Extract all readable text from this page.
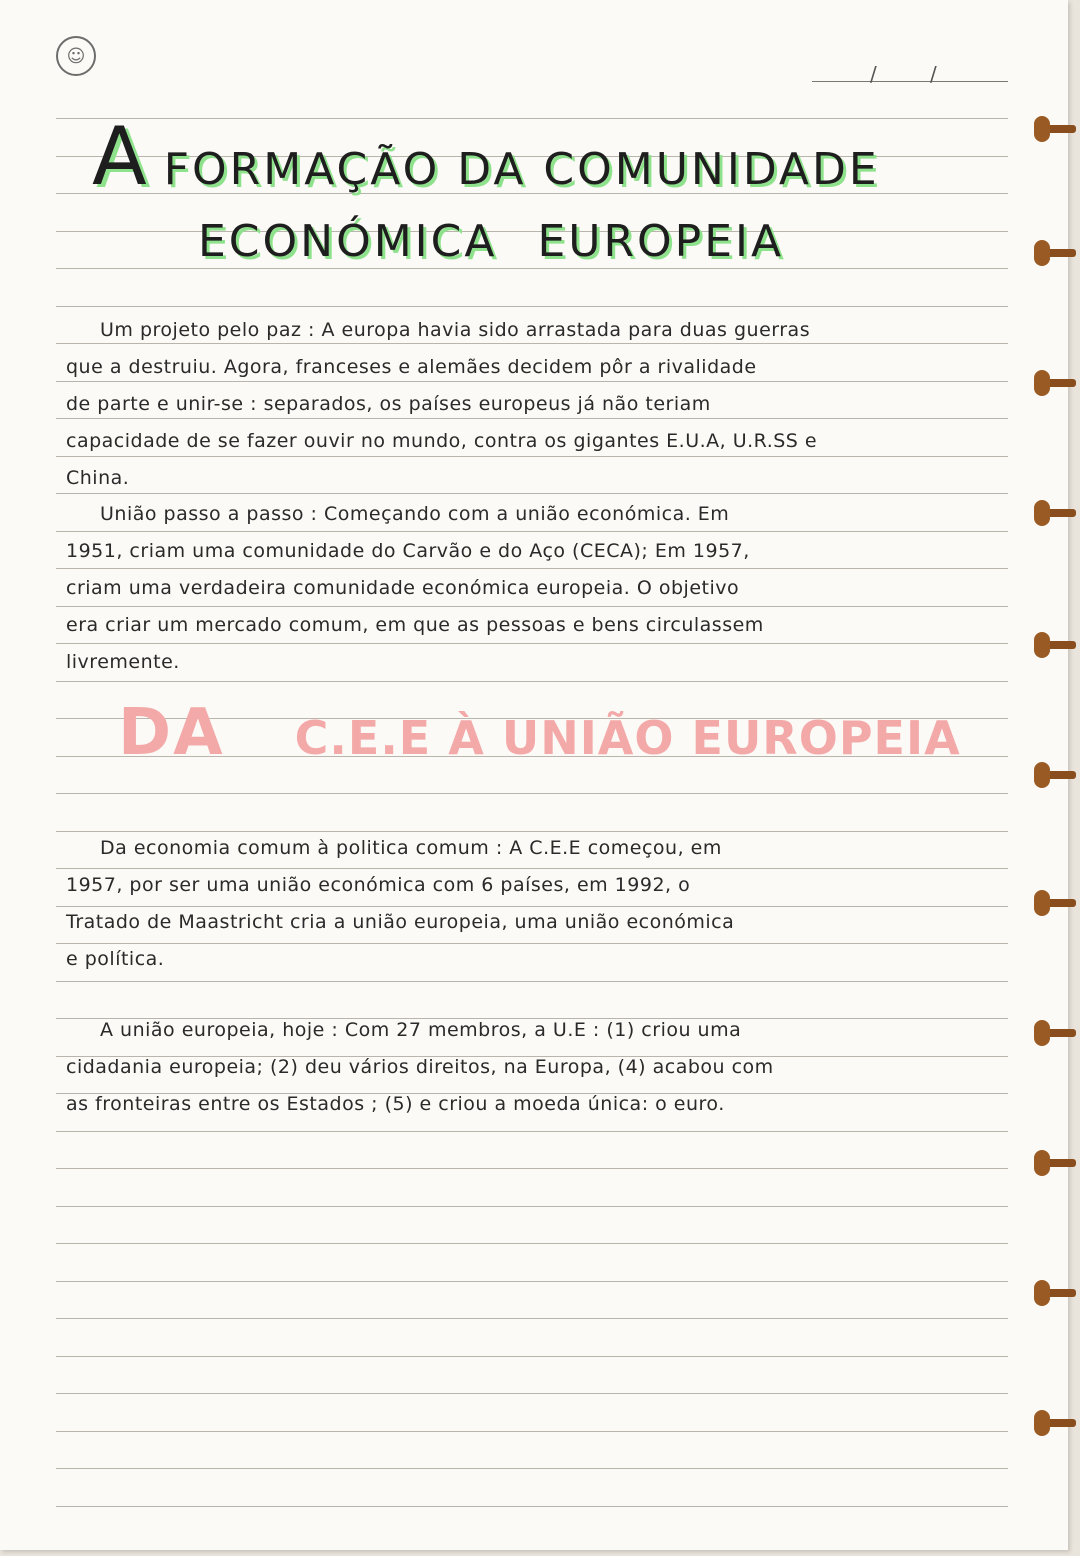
☺
/	/
AFORMAÇÃO DA COMUNIDADE
ECONÓMICA EUROPEIA
Um projeto pelo paz : A europa havia sido arrastada para duas guerras
que a destruiu. Agora, franceses e alemães decidem pôr a rivalidade
de parte e unir-se : separados, os países europeus já não teriam
capacidade de se fazer ouvir no mundo, contra os gigantes E.U.A, U.R.SS e
China.
União passo a passo : Começando com a união económica. Em
1951, criam uma comunidade do Carvão e do Aço (CECA); Em 1957,
criam uma verdadeira comunidade económica europeia. O objetivo
era criar um mercado comum, em que as pessoas e bens circulassem
livremente.
DA C.E.E À UNIÃO EUROPEIA
Da economia comum à politica comum : A C.E.E começou, em
1957, por ser uma união económica com 6 países, em 1992, o
Tratado de Maastricht cria a união europeia, uma união económica
e política.
A união europeia, hoje : Com 27 membros, a U.E : (1) criou uma
cidadania europeia; (2) deu vários direitos, na Europa, (4) acabou com
as fronteiras entre os Estados ; (5) e criou a moeda única: o euro.
